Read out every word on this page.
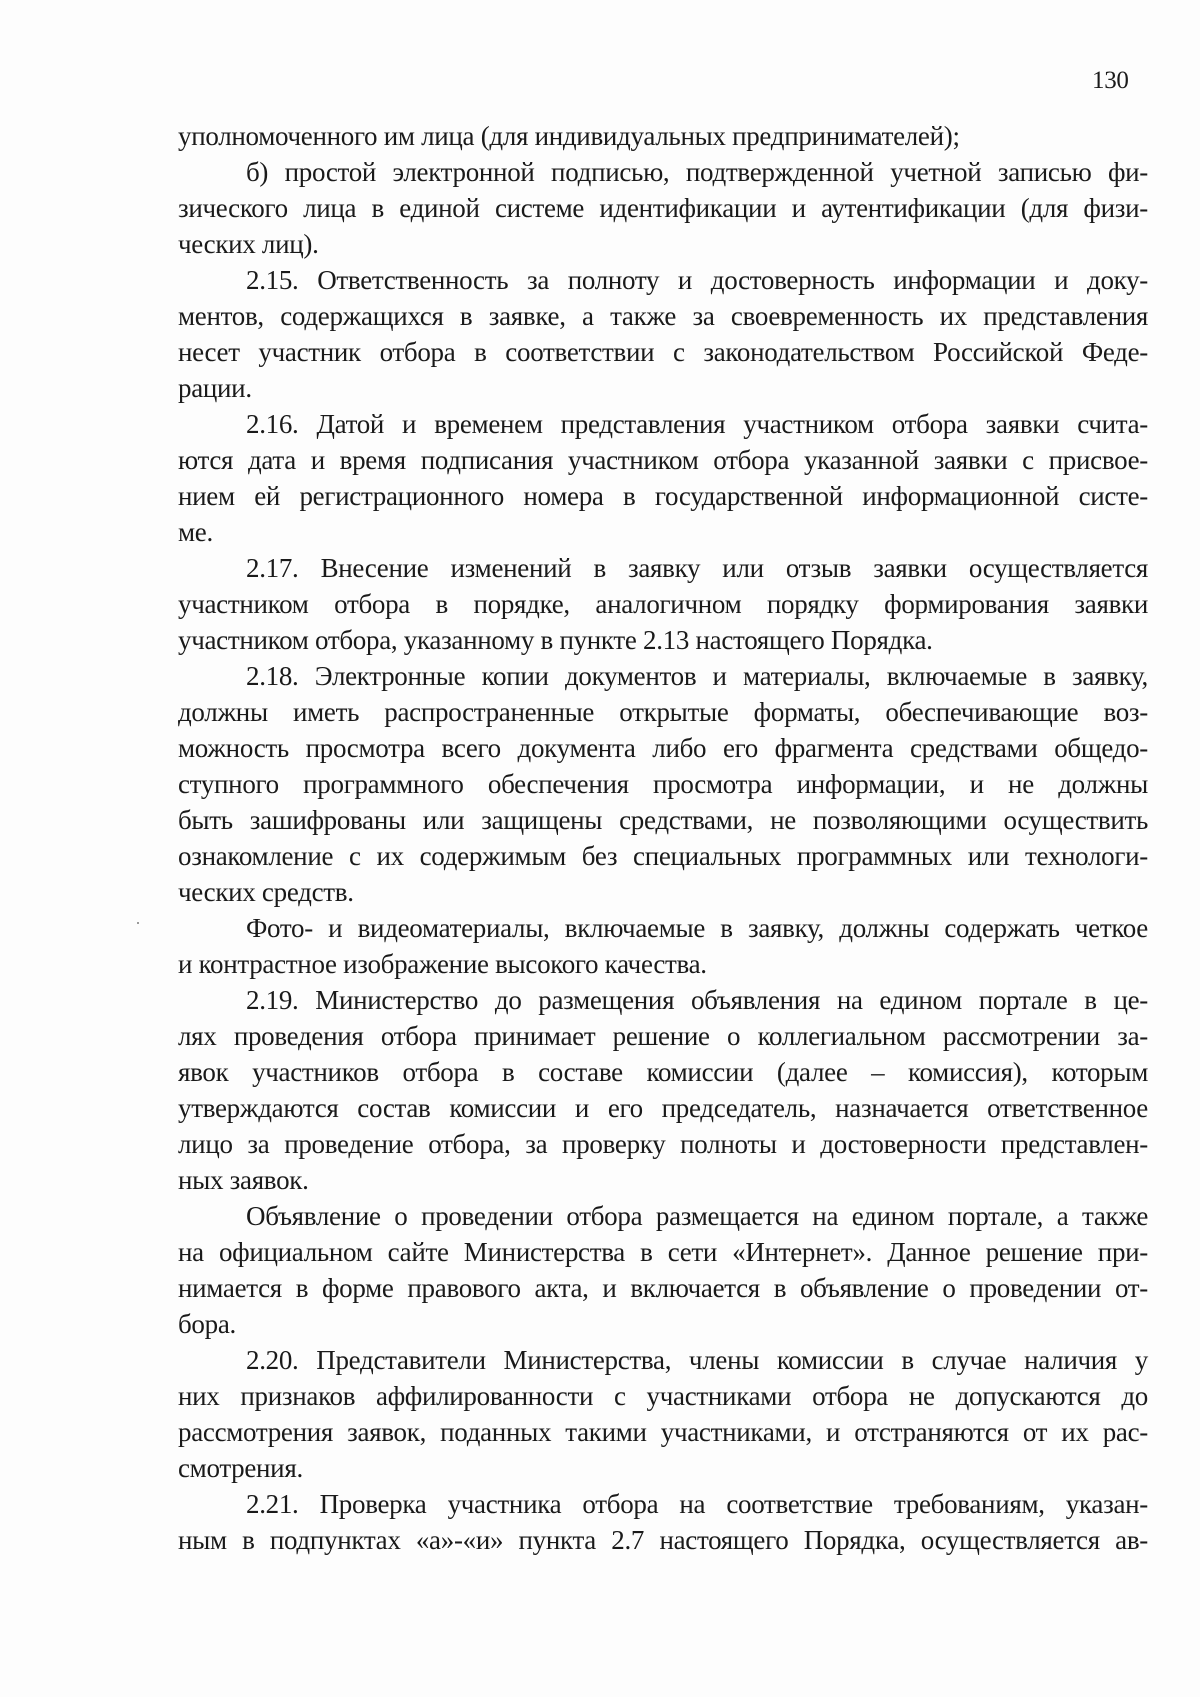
130
уполномоченного им лица (для индивидуальных предпринимателей);
б) простой электронной подписью, подтвержденной учетной записью фи-
зического лица в единой системе идентификации и аутентификации (для физи-
ческих лиц).
2.15. Ответственность за полноту и достоверность информации и доку-
ментов, содержащихся в заявке, а также за своевременность их представления
несет участник отбора в соответствии с законодательством Российской Феде-
рации.
2.16. Датой и временем представления участником отбора заявки счита-
ются дата и время подписания участником отбора указанной заявки с присвое-
нием ей регистрационного номера в государственной информационной систе-
ме.
2.17. Внесение изменений в заявку или отзыв заявки осуществляется
участником отбора в порядке, аналогичном порядку формирования заявки
участником отбора, указанному в пункте 2.13 настоящего Порядка.
2.18. Электронные копии документов и материалы, включаемые в заявку,
должны иметь распространенные открытые форматы, обеспечивающие воз-
можность просмотра всего документа либо его фрагмента средствами общедо-
ступного программного обеспечения просмотра информации, и не должны
быть зашифрованы или защищены средствами, не позволяющими осуществить
ознакомление с их содержимым без специальных программных или технологи-
ческих средств.
Фото- и видеоматериалы, включаемые в заявку, должны содержать четкое
и контрастное изображение высокого качества.
2.19. Министерство до размещения объявления на едином портале в це-
лях проведения отбора принимает решение о коллегиальном рассмотрении за-
явок участников отбора в составе комиссии (далее – комиссия), которым
утверждаются состав комиссии и его председатель, назначается ответственное
лицо за проведение отбора, за проверку полноты и достоверности представлен-
ных заявок.
Объявление о проведении отбора размещается на едином портале, а также
на официальном сайте Министерства в сети «Интернет». Данное решение при-
нимается в форме правового акта, и включается в объявление о проведении от-
бора.
2.20. Представители Министерства, члены комиссии в случае наличия у
них признаков аффилированности с участниками отбора не допускаются до
рассмотрения заявок, поданных такими участниками, и отстраняются от их рас-
смотрения.
2.21. Проверка участника отбора на соответствие требованиям, указан-
ным в подпунктах «а»-«и» пункта 2.7 настоящего Порядка, осуществляется ав-
